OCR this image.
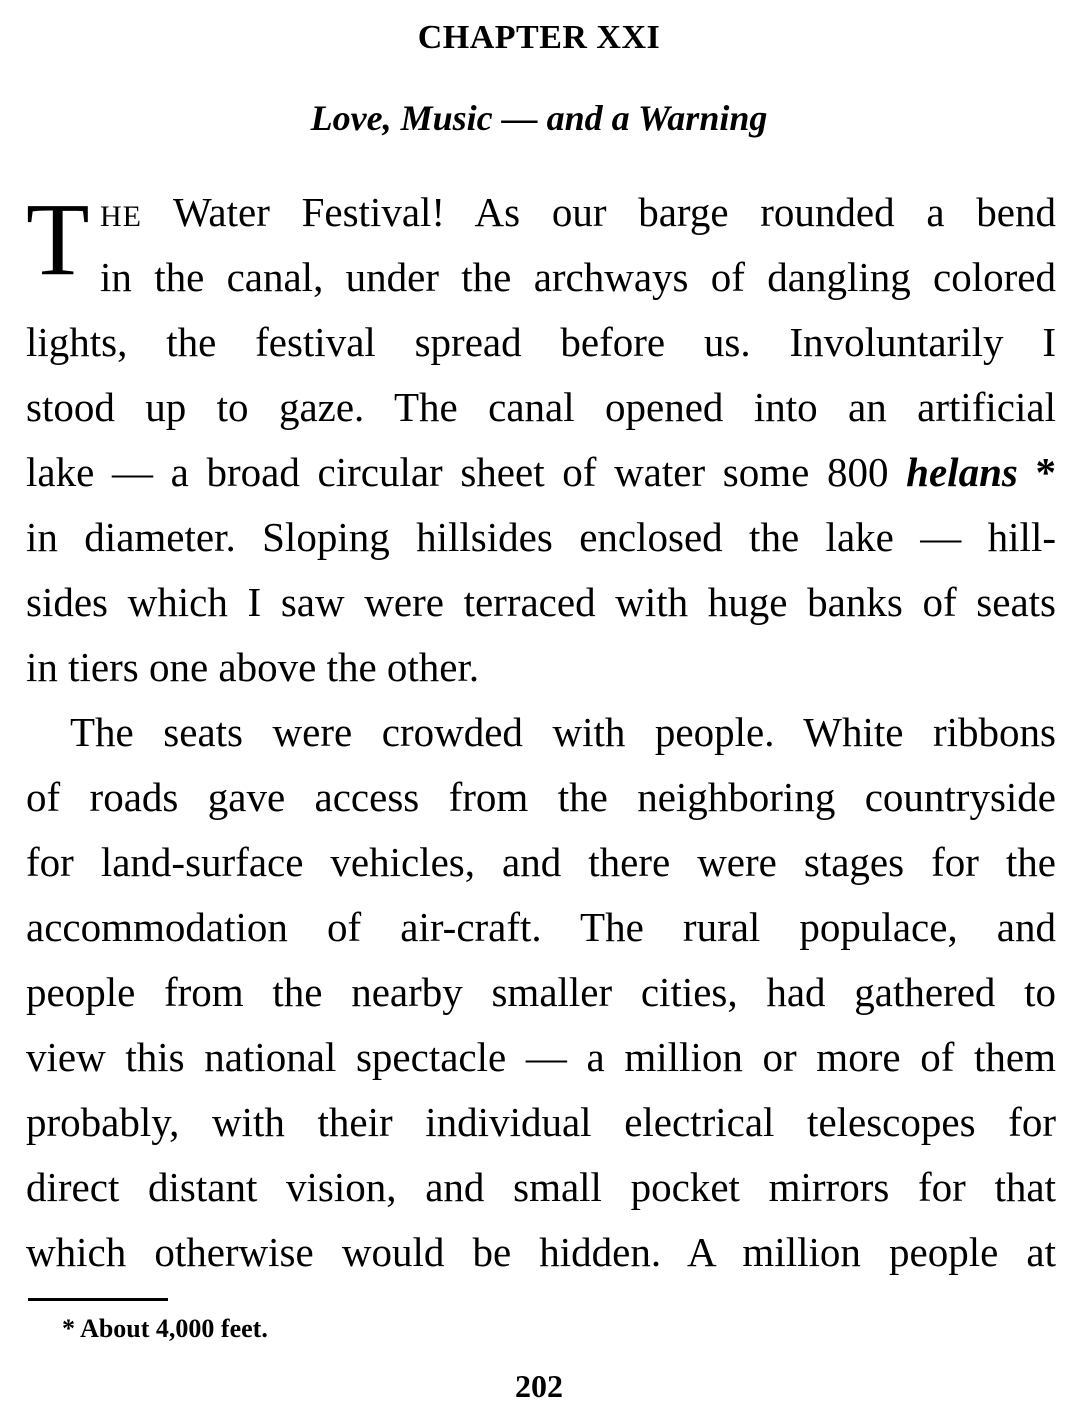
CHAPTER XXI
Love, Music — and a Warning
T HE Water Festival! As our barge rounded a bend
in the canal, under the archways of dangling colored
lights, the festival spread before us. Involuntarily I
stood up to gaze. The canal opened into an artificial
lake — a broad circular sheet of water some 800 helans *
in diameter. Sloping hillsides enclosed the lake — hill-
sides which I saw were terraced with huge banks of seats
in tiers one above the other.
The seats were crowded with people. White ribbons
of roads gave access from the neighboring countryside
for land-surface vehicles, and there were stages for the
accommodation of air-craft. The rural populace, and
people from the nearby smaller cities, had gathered to
view this national spectacle — a million or more of them
probably, with their individual electrical telescopes for
direct distant vision, and small pocket mirrors for that
which otherwise would be hidden. A million people at
* About 4,000 feet.
202
